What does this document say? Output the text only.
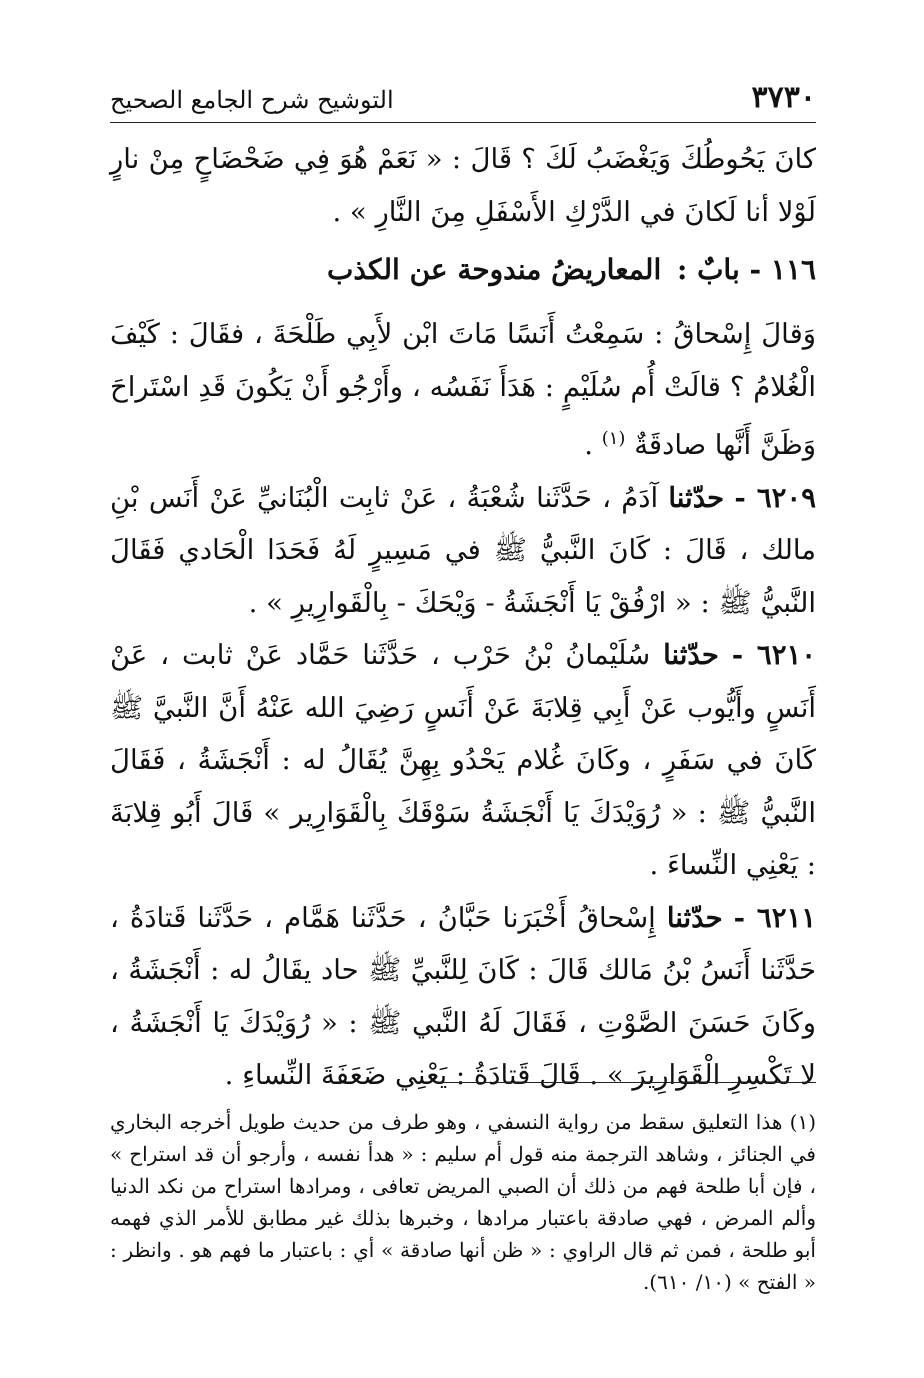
٣٧٣٠
التوشيح شرح الجامع الصحيح

كانَ يَحُوطُكَ وَيَغْضَبُ لَكَ ؟ قَالَ : « نَعَمْ هُوَ فِي ضَحْضَاحٍ مِنْ نارٍ لَوْلا أنا لَكانَ في الدَّرْكِ الأَسْفَلِ مِنَ النَّارِ » .

١١٦ - بابٌ : المعاريضُ مندوحة عن الكذب

وَقالَ إِسْحاقُ : سَمِعْتُ أَنَسًا مَاتَ ابْن لأَبِي طَلْحَةَ ، فقَالَ : كَيْفَ الْغُلامُ ؟ قالَتْ أُم سُلَيْمٍ : هَدَأَ نَفَسُه ، وأَرْجُو أَنْ يَكُونَ قَدِ اسْتَراحَ وَظَنَّ أَنَّها صادقَةٌ $^{(١)}$ .

٦٢٠٩ - حدّثنا آدَمُ ، حَدَّثَنا شُعْبَةُ ، عَنْ ثابِت الْبُنَانيِّ عَنْ أَنَس بْنِ مالك ، قَالَ : كَانَ النَّبيُّ ﷺ في مَسِيرٍ لَهُ فَحَدَا الْحَادي فَقَالَ النَّبيُّ ﷺ : « ارْفُقْ يَا أَنْجَشَةُ - وَيْحَكَ - بِالْقَوارِيرِ » .

٦٢١٠ - حدّثنا سُلَيْمانُ بْنُ حَرْب ، حَدَّثَنا حَمَّاد عَنْ ثابت ، عَنْ أَنَسٍ وأَيُّوب عَنْ أَبِي قِلابَةَ عَنْ أَنَسٍ رَضِيَ الله عَنْهُ أَنَّ النَّبيَّ ﷺ كَانَ في سَفَرٍ ، وكَانَ غُلام يَحْدُو بِهِنَّ يُقَالُ له : أَنْجَشَةُ ، فَقَالَ النَّبيُّ ﷺ : « رُوَيْدَكَ يَا أَنْجَشَةُ سَوْقَكَ بِالْقَوَارِير » قَالَ أَبُو قِلابَةَ : يَعْنِي النِّساءَ .

٦٢١١ - حدّثنا إِسْحاقُ أَخْبَرَنا حَبَّانُ ، حَدَّثَنا هَمَّام ، حَدَّثَنا قَتادَةُ ، حَدَّثَنا أَنَسُ بْنُ مَالك قَالَ : كَانَ لِلنَّبيِّ ﷺ حاد يقَالُ له : أَنْجَشَةُ ، وكَانَ حَسَنَ الصَّوْتِ ، فَقَالَ لَهُ النَّبي ﷺ : « رُوَيْدَكَ يَا أَنْجَشَةُ ، لا تَكْسِرِ الْقَوَارِيرَ » . قَالَ قَتادَةُ : يَعْنِي ضَعَفَةَ النِّساءِ .

(١) هذا التعليق سقط من رواية النسفي ، وهو طرف من حديث طويل أخرجه البخاري في الجنائز ، وشاهد الترجمة منه قول أم سليم : « هدأ نفسه ، وأرجو أن قد استراح » ، فإن أبا طلحة فهم من ذلك أن الصبي المريض تعافى ، ومرادها استراح من نكد الدنيا وألم المرض ، فهي صادقة باعتبار مرادها ، وخبرها بذلك غير مطابق للأمر الذي فهمه أبو طلحة ، فمن ثم قال الراوي : « ظن أنها صادقة » أي : باعتبار ما فهم هو . وانظر : « الفتح » (١٠/ ٦١٠).
